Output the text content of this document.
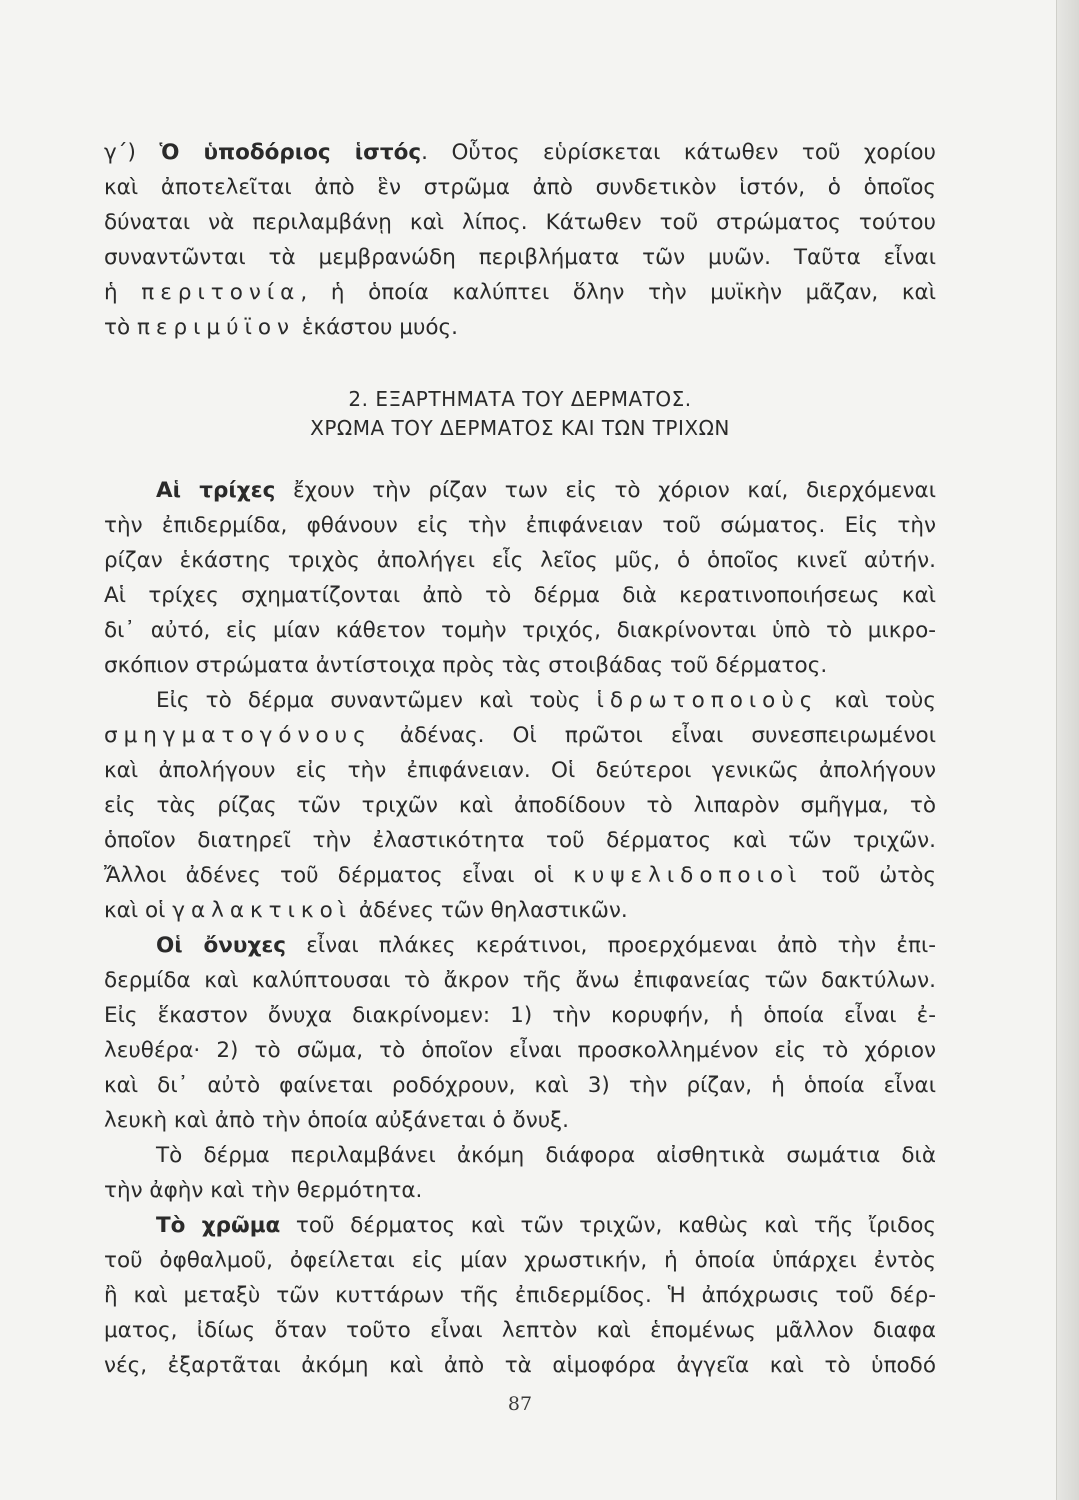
γ΄) Ὁ ὑποδόριος ἱστός. Οὗτος εὑρίσκεται κάτωθεν τοῦ χορίου
καὶ ἀποτελεῖται ἀπὸ ἓν στρῶμα ἀπὸ συνδετικὸν ἱστόν, ὁ ὁποῖος
δύναται νὰ περιλαμβάνῃ καὶ λίπος. Κάτωθεν τοῦ στρώματος τούτου
συναντῶνται τὰ μεμβρανώδη περιβλήματα τῶν μυῶν. Ταῦτα εἶναι
ἡ περιτονία, ἡ ὁποία καλύπτει ὅλην τὴν μυϊκὴν μᾶζαν, καὶ
τὸ περιμύϊον ἑκάστου μυός.
2. ΕΞΑΡΤΗΜΑΤΑ ΤΟΥ ΔΕΡΜΑΤΟΣ.
ΧΡΩΜΑ ΤΟΥ ΔΕΡΜΑΤΟΣ ΚΑΙ ΤΩΝ ΤΡΙΧΩΝ
Αἱ τρίχες ἔχουν τὴν ρίζαν των εἰς τὸ χόριον καί, διερχόμεναι
τὴν ἐπιδερμίδα, φθάνουν εἰς τὴν ἐπιφάνειαν τοῦ σώματος. Εἰς τὴν
ρίζαν ἑκάστης τριχὸς ἀπολήγει εἷς λεῖος μῦς, ὁ ὁποῖος κινεῖ αὐτήν.
Αἱ τρίχες σχηματίζονται ἀπὸ τὸ δέρμα διὰ κερατινοποιήσεως καὶ
δι᾽ αὐτό, εἰς μίαν κάθετον τομὴν τριχός, διακρίνονται ὑπὸ τὸ μικρο-
σκόπιον στρώματα ἀντίστοιχα πρὸς τὰς στοιβάδας τοῦ δέρματος.
Εἰς τὸ δέρμα συναντῶμεν καὶ τοὺς ἱδρωτοποιοὺς καὶ τοὺς
σμηγματογόνους ἀδένας. Οἱ πρῶτοι εἶναι συνεσπειρωμένοι
καὶ ἀπολήγουν εἰς τὴν ἐπιφάνειαν. Οἱ δεύτεροι γενικῶς ἀπολήγουν
εἰς τὰς ρίζας τῶν τριχῶν καὶ ἀποδίδουν τὸ λιπαρὸν σμῆγμα, τὸ
ὁποῖον διατηρεῖ τὴν ἐλαστικότητα τοῦ δέρματος καὶ τῶν τριχῶν.
Ἄλλοι ἀδένες τοῦ δέρματος εἶναι οἱ κυψελιδοποιοὶ τοῦ ὠτὸς
καὶ οἱ γαλακτικοὶ ἀδένες τῶν θηλαστικῶν.
Οἱ ὄνυχες εἶναι πλάκες κεράτινοι, προερχόμεναι ἀπὸ τὴν ἐπι-
δερμίδα καὶ καλύπτουσαι τὸ ἄκρον τῆς ἄνω ἐπιφανείας τῶν δακτύλων.
Εἰς ἕκαστον ὄνυχα διακρίνομεν: 1) τὴν κορυφήν, ἡ ὁποία εἶναι ἐ-
λευθέρα· 2) τὸ σῶμα, τὸ ὁποῖον εἶναι προσκολλημένον εἰς τὸ χόριον
καὶ δι᾽ αὐτὸ φαίνεται ροδόχρουν, καὶ 3) τὴν ρίζαν, ἡ ὁποία εἶναι
λευκὴ καὶ ἀπὸ τὴν ὁποία αὐξάνεται ὁ ὄνυξ.
Τὸ δέρμα περιλαμβάνει ἀκόμη διάφορα αἰσθητικὰ σωμάτια διὰ
τὴν ἀφὴν καὶ τὴν θερμότητα.
Τὸ χρῶμα τοῦ δέρματος καὶ τῶν τριχῶν, καθὼς καὶ τῆς ἴριδος
τοῦ ὀφθαλμοῦ, ὀφείλεται εἰς μίαν χρωστικήν, ἡ ὁποία ὑπάρχει ἐντὸς
ἢ καὶ μεταξὺ τῶν κυττάρων τῆς ἐπιδερμίδος. Ἡ ἀπόχρωσις τοῦ δέρ-
ματος, ἰδίως ὅταν τοῦτο εἶναι λεπτὸν καὶ ἑπομένως μᾶλλον διαφα
νές, ἐξαρτᾶται ἀκόμη καὶ ἀπὸ τὰ αἱμοφόρα ἀγγεῖα καὶ τὸ ὑποδό
87
